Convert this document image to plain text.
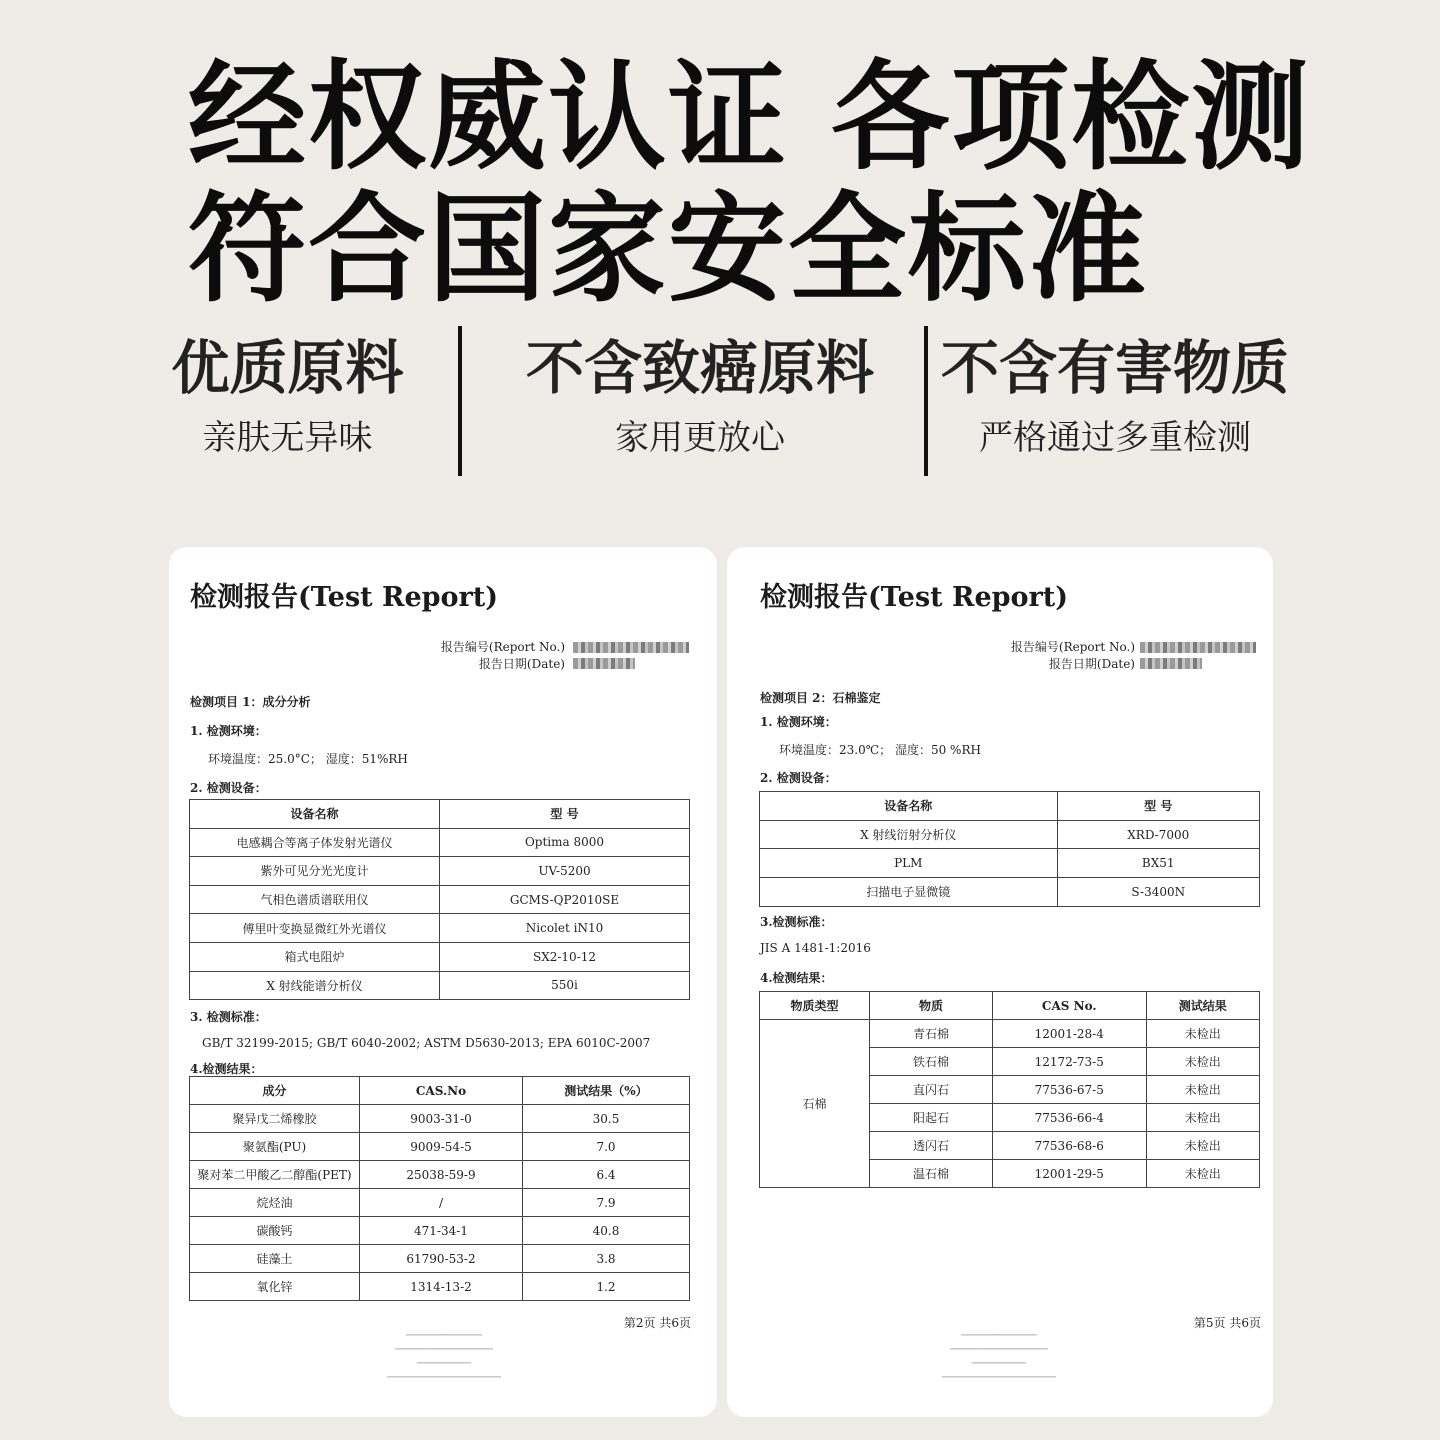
经权威认证 各项检测
符合国家安全标准
优质原料
亲肤无异味
不含致癌原料
家用更放心
不含有害物质
严格通过多重检测
检测报告(Test Report)
报告编号(Report No.)
报告日期(Date)
检测项目 1：成分分析
1. 检测环境：
环境温度：25.0°C； 湿度：51%RH
2. 检测设备：
设备名称	型 号
电感耦合等离子体发射光谱仪	Optima 8000
紫外可见分光光度计	UV-5200
气相色谱质谱联用仪	GCMS-QP2010SE
傅里叶变换显微红外光谱仪	Nicolet iN10
箱式电阻炉	SX2-10-12
X 射线能谱分析仪	550i
3. 检测标准：
GB/T 32199-2015; GB/T 6040-2002; ASTM D5630-2013; EPA 6010C-2007
4.检测结果：
成分	CAS.No	测试结果（%）
聚异戊二烯橡胶	9003-31-0	30.5
聚氨酯(PU)	9009-54-5	7.0
聚对苯二甲酸乙二醇酯(PET)	25038-59-9	6.4
烷烃油	/	7.9
碳酸钙	471-34-1	40.8
硅藻土	61790-53-2	3.8
氧化锌	1314-13-2	1.2
第2页 共6页
━━━━━━━━━━━━━━
━━━━━━━━━━━━━━━━━━
━━━━━━━━━━
━━━━━━━━━━━━━━━━━━━━━
检测报告(Test Report)
报告编号(Report No.)
报告日期(Date)
检测项目 2：石棉鉴定
1. 检测环境：
环境温度：23.0℃； 湿度：50 %RH
2. 检测设备：
设备名称	型 号
X 射线衍射分析仪	XRD-7000
PLM	BX51
扫描电子显微镜	S-3400N
3.检测标准：
JIS A 1481-1:2016
4.检测结果：
物质类型	物质	CAS No.	测试结果
石棉	青石棉	12001-28-4	未检出
	铁石棉	12172-73-5	未检出
	直闪石	77536-67-5	未检出
	阳起石	77536-66-4	未检出
	透闪石	77536-68-6	未检出
	温石棉	12001-29-5	未检出
第5页 共6页
━━━━━━━━━━━━━━
━━━━━━━━━━━━━━━━━━
━━━━━━━━━━
━━━━━━━━━━━━━━━━━━━━━
